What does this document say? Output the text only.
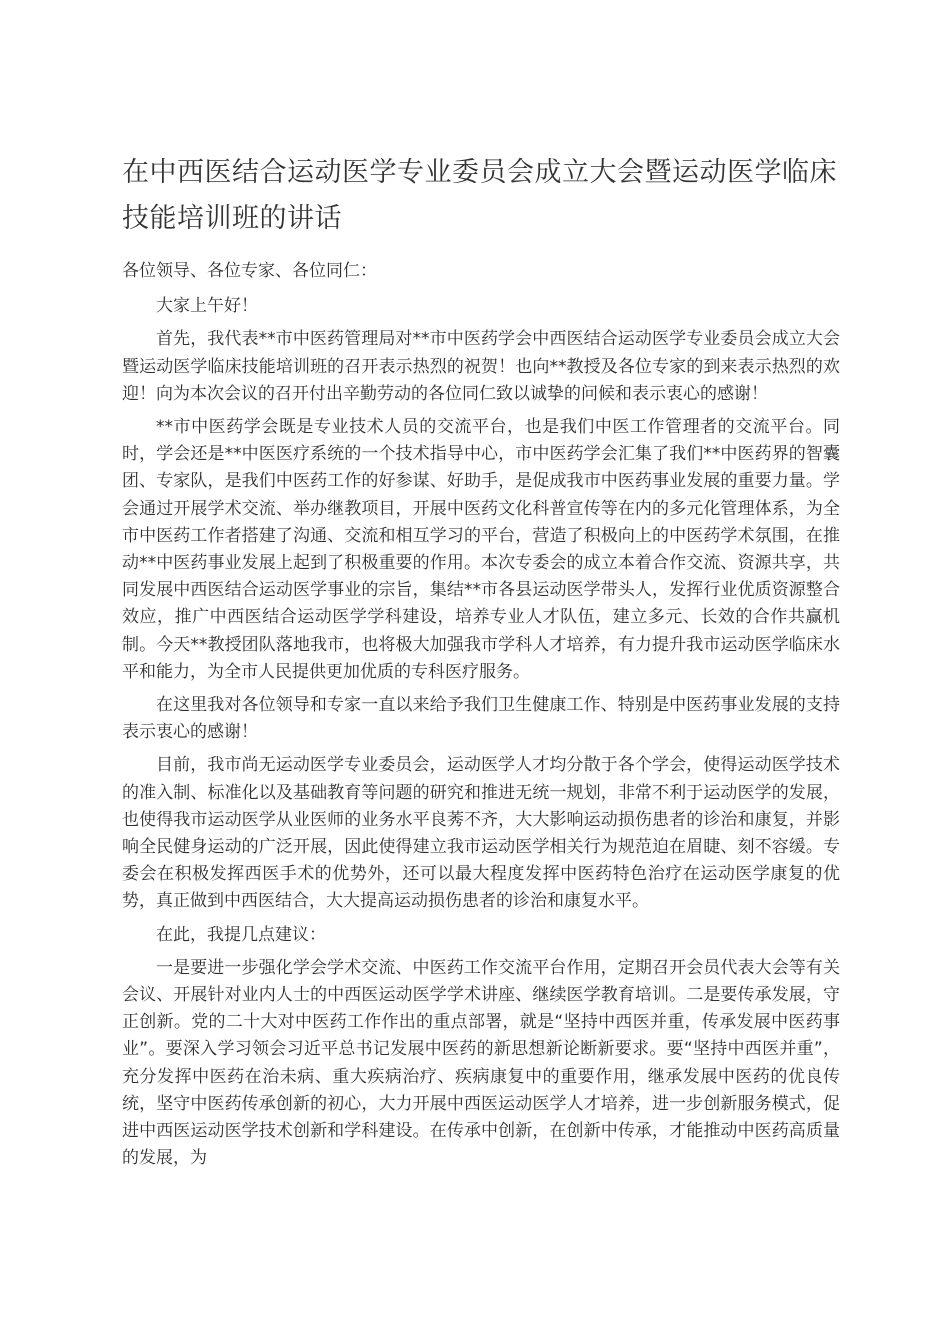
在中西医结合运动医学专业委员会成立大会暨运动医学临床技能培训班的讲话

各位领导、各位专家、各位同仁：

大家上午好！

首先，我代表**市中医药管理局对**市中医药学会中西医结合运动医学专业委员会成立大会暨运动医学临床技能培训班的召开表示热烈的祝贺！也向**教授及各位专家的到来表示热烈的欢迎！向为本次会议的召开付出辛勤劳动的各位同仁致以诚挚的问候和表示衷心的感谢！

**市中医药学会既是专业技术人员的交流平台，也是我们中医工作管理者的交流平台。同时，学会还是**中医医疗系统的一个技术指导中心，市中医药学会汇集了我们**中医药界的智囊团、专家队，是我们中医药工作的好参谋、好助手，是促成我市中医药事业发展的重要力量。学会通过开展学术交流、举办继教项目，开展中医药文化科普宣传等在内的多元化管理体系，为全市中医药工作者搭建了沟通、交流和相互学习的平台，营造了积极向上的中医药学术氛围，在推动**中医药事业发展上起到了积极重要的作用。本次专委会的成立本着合作交流、资源共享，共同发展中西医结合运动医学事业的宗旨，集结**市各县运动医学带头人，发挥行业优质资源整合效应，推广中西医结合运动医学学科建设，培养专业人才队伍，建立多元、长效的合作共赢机制。今天**教授团队落地我市，也将极大加强我市学科人才培养，有力提升我市运动医学临床水平和能力，为全市人民提供更加优质的专科医疗服务。

在这里我对各位领导和专家一直以来给予我们卫生健康工作、特别是中医药事业发展的支持表示衷心的感谢！

目前，我市尚无运动医学专业委员会，运动医学人才均分散于各个学会，使得运动医学技术的准入制、标准化以及基础教育等问题的研究和推进无统一规划，非常不利于运动医学的发展，也使得我市运动医学从业医师的业务水平良莠不齐，大大影响运动损伤患者的诊治和康复，并影响全民健身运动的广泛开展，因此使得建立我市运动医学相关行为规范迫在眉睫、刻不容缓。专委会在积极发挥西医手术的优势外，还可以最大程度发挥中医药特色治疗在运动医学康复的优势，真正做到中西医结合，大大提高运动损伤患者的诊治和康复水平。

在此，我提几点建议：

一是要进一步强化学会学术交流、中医药工作交流平台作用，定期召开会员代表大会等有关会议、开展针对业内人士的中西医运动医学学术讲座、继续医学教育培训。二是要传承发展，守正创新。党的二十大对中医药工作作出的重点部署，就是“坚持中西医并重，传承发展中医药事业”。要深入学习领会习近平总书记发展中医药的新思想新论断新要求。要“坚持中西医并重”，充分发挥中医药在治未病、重大疾病治疗、疾病康复中的重要作用，继承发展中医药的优良传统，坚守中医药传承创新的初心，大力开展中西医运动医学人才培养，进一步创新服务模式，促进中西医运动医学技术创新和学科建设。在传承中创新，在创新中传承，才能推动中医药高质量的发展，为
